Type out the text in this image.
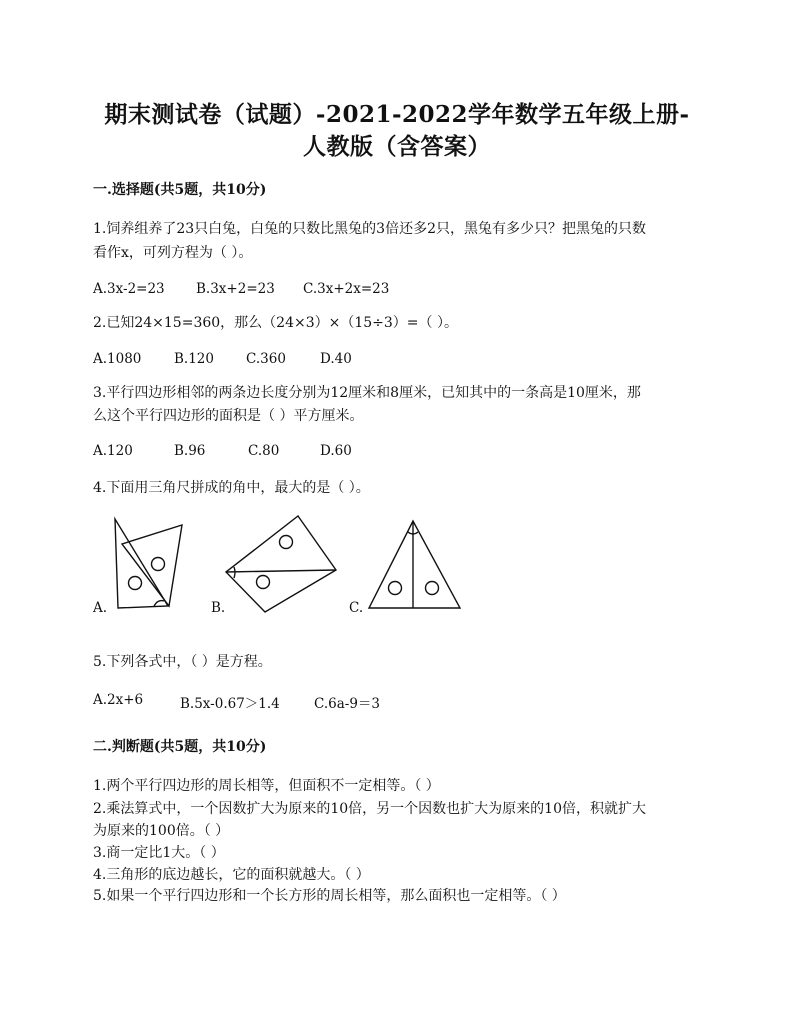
期末测试卷（试题）-2021-2022学年数学五年级上册-
人教版（含答案）
一.选择题(共5题，共10分)
1.饲养组养了23只白兔，白兔的只数比黑兔的3倍还多2只，黑兔有多少只？把黑兔的只数
看作x，可列方程为（ ）。
A.3x-2=23 B.3x+2=23 C.3x+2x=23
2.已知24×15=360，那么（24×3）×（15÷3）=（ ）。
A.1080 B.120 C.360	D.40
3.平行四边形相邻的两条边长度分别为12厘米和8厘米，已知其中的一条高是10厘米，那
么这个平行四边形的面积是（ ）平方厘米。
A.120	B.96	C.80	D.60
4.下面用三角尺拼成的角中，最大的是（ ）。
A.	B.	C.
5.下列各式中，（ ）是方程。
A.2x+6	B.5x-0.67＞1.4	C.6a-9＝3
二.判断题(共5题，共10分)
1.两个平行四边形的周长相等，但面积不一定相等。（ ）
2.乘法算式中，一个因数扩大为原来的10倍，另一个因数也扩大为原来的10倍，积就扩大
为原来的100倍。（ ）
3.商一定比1大。（ ）
4.三角形的底边越长，它的面积就越大。（ ）
5.如果一个平行四边形和一个长方形的周长相等，那么面积也一定相等。（ ）
